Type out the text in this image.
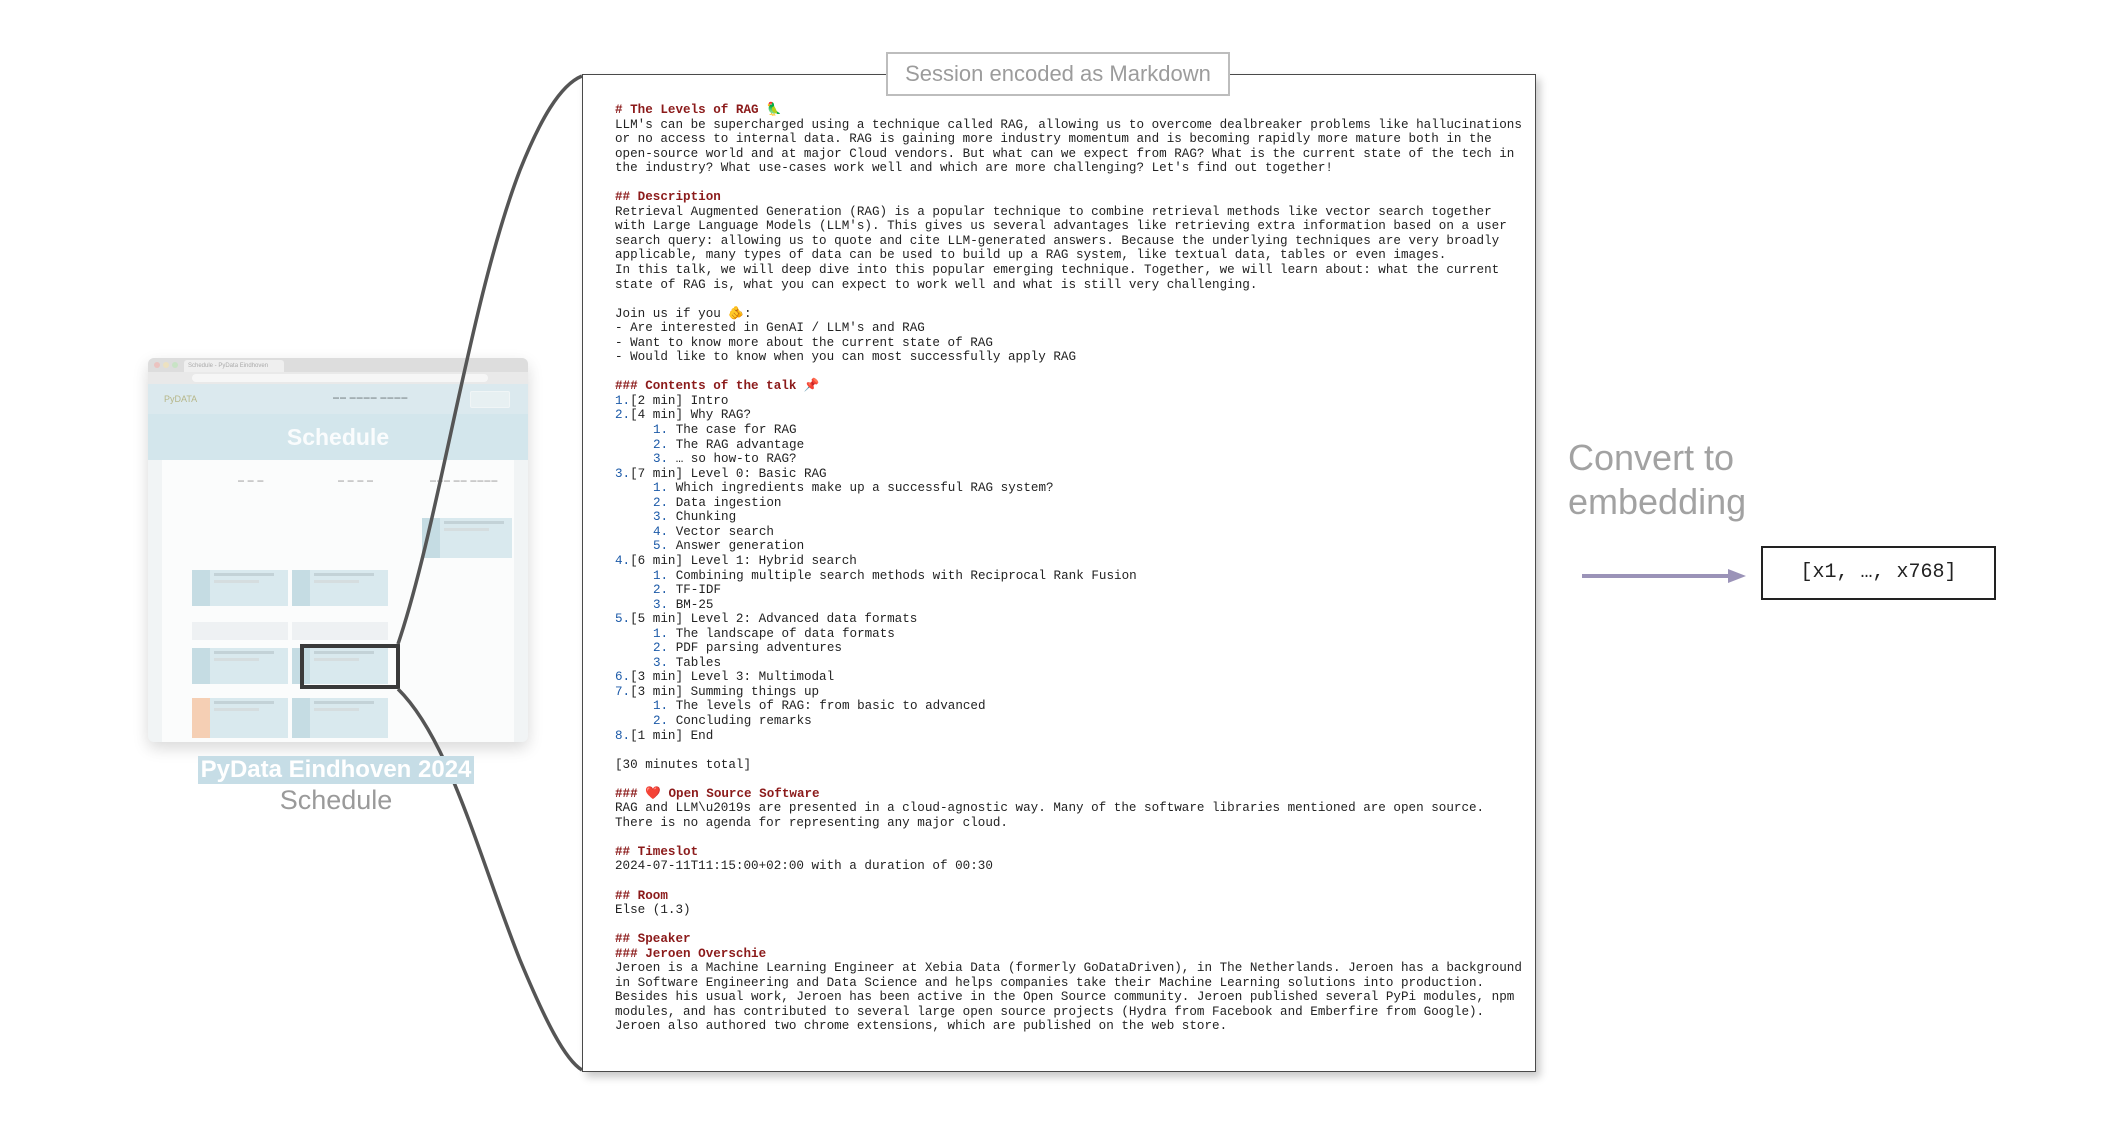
Schedule - PyData Eindhoven
PyDATA	▬▬ ▬▬▬▬ ▬▬▬▬
Schedule
▬ ▬ ▬	▬ ▬ ▬ ▬	▬▬▬ ▬▬ ▬▬▬▬
PyData Eindhoven 2024
Schedule
# The Levels of RAG 🦜
LLM's can be supercharged using a technique called RAG, allowing us to overcome dealbreaker problems like hallucinations
or no access to internal data. RAG is gaining more industry momentum and is becoming rapidly more mature both in the
open-source world and at major Cloud vendors. But what can we expect from RAG? What is the current state of the tech in
the industry? What use-cases work well and which are more challenging? Let's find out together!
## Description
Retrieval Augmented Generation (RAG) is a popular technique to combine retrieval methods like vector search together
with Large Language Models (LLM's). This gives us several advantages like retrieving extra information based on a user
search query: allowing us to quote and cite LLM-generated answers. Because the underlying techniques are very broadly
applicable, many types of data can be used to build up a RAG system, like textual data, tables or even images.
In this talk, we will deep dive into this popular emerging technique. Together, we will learn about: what the current
state of RAG is, what you can expect to work well and what is still very challenging.
Join us if you 🫵:
- Are interested in GenAI / LLM's and RAG
- Want to know more about the current state of RAG
- Would like to know when you can most successfully apply RAG
### Contents of the talk 📌
1.[2 min] Intro
2.[4 min] Why RAG?
1. The case for RAG
2. The RAG advantage
3. … so how-to RAG?
3.[7 min] Level 0: Basic RAG
1. Which ingredients make up a successful RAG system?
2. Data ingestion
3. Chunking
4. Vector search
5. Answer generation
4.[6 min] Level 1: Hybrid search
1. Combining multiple search methods with Reciprocal Rank Fusion
2. TF-IDF
3. BM-25
5.[5 min] Level 2: Advanced data formats
1. The landscape of data formats
2. PDF parsing adventures
3. Tables
6.[3 min] Level 3: Multimodal
7.[3 min] Summing things up
1. The levels of RAG: from basic to advanced
2. Concluding remarks
8.[1 min] End
[30 minutes total]
### ❤️ Open Source Software
RAG and LLM\u2019s are presented in a cloud-agnostic way. Many of the software libraries mentioned are open source.
There is no agenda for representing any major cloud.
## Timeslot
2024-07-11T11:15:00+02:00 with a duration of 00:30
## Room
Else (1.3)
## Speaker
### Jeroen Overschie
Jeroen is a Machine Learning Engineer at Xebia Data (formerly GoDataDriven), in The Netherlands. Jeroen has a background
in Software Engineering and Data Science and helps companies take their Machine Learning solutions into production.
Besides his usual work, Jeroen has been active in the Open Source community. Jeroen published several PyPi modules, npm
modules, and has contributed to several large open source projects (Hydra from Facebook and Emberfire from Google).
Jeroen also authored two chrome extensions, which are published on the web store.
Session encoded as Markdown
Convert to
embedding
[x1, …, x768]
